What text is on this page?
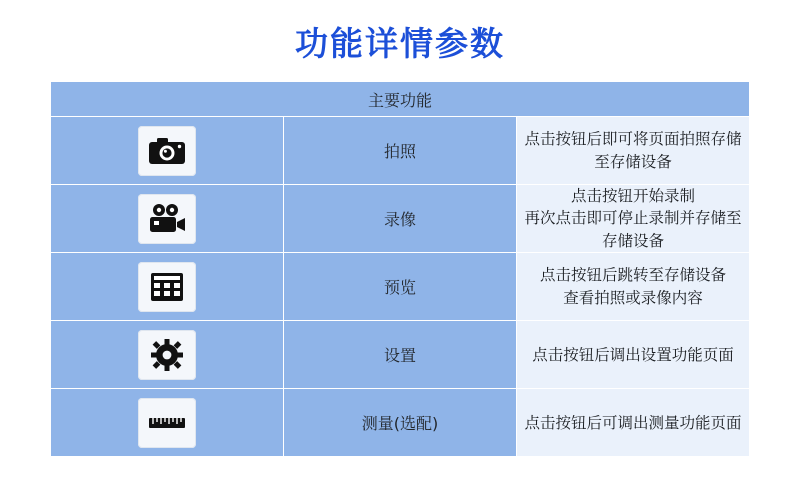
功能详情参数
主要功能		

	拍照	点击按钮后即可将页面拍照存储至存储设备

	录像	点击按钮开始录制
再次点击即可停止录制并存储至存储设备

	预览	点击按钮后跳转至存储设备
查看拍照或录像内容

	设置	点击按钮后调出设置功能页面

	测量(选配)	点击按钮后可调出测量功能页面
